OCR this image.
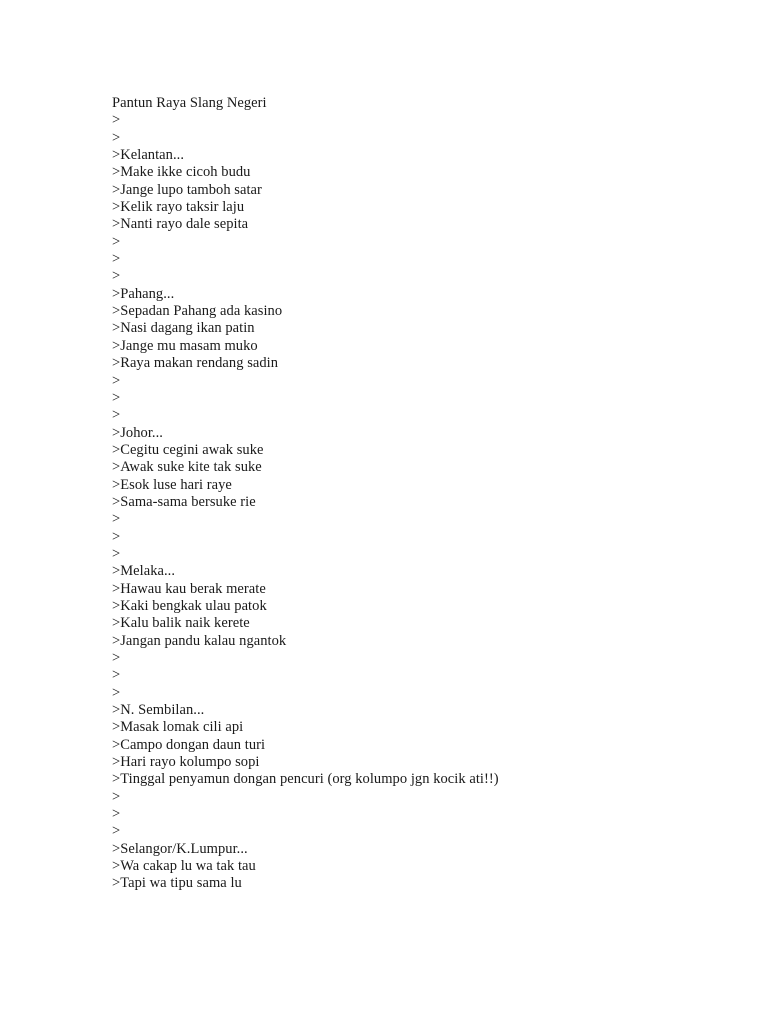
Pantun Raya Slang Negeri
>
>
>Kelantan...
>Make ikke cicoh budu
>Jange lupo tamboh satar
>Kelik rayo taksir laju
>Nanti rayo dale sepita
>
>
>
>Pahang...
>Sepadan Pahang ada kasino
>Nasi dagang ikan patin
>Jange mu masam muko
>Raya makan rendang sadin
>
>
>
>Johor...
>Cegitu cegini awak suke
>Awak suke kite tak suke
>Esok luse hari raye
>Sama-sama bersuke rie
>
>
>
>Melaka...
>Hawau kau berak merate
>Kaki bengkak ulau patok
>Kalu balik naik kerete
>Jangan pandu kalau ngantok
>
>
>
>N. Sembilan...
>Masak lomak cili api
>Campo dongan daun turi
>Hari rayo kolumpo sopi
>Tinggal penyamun dongan pencuri (org kolumpo jgn kocik ati!!)
>
>
>
>Selangor/K.Lumpur...
>Wa cakap lu wa tak tau
>Tapi wa tipu sama lu
